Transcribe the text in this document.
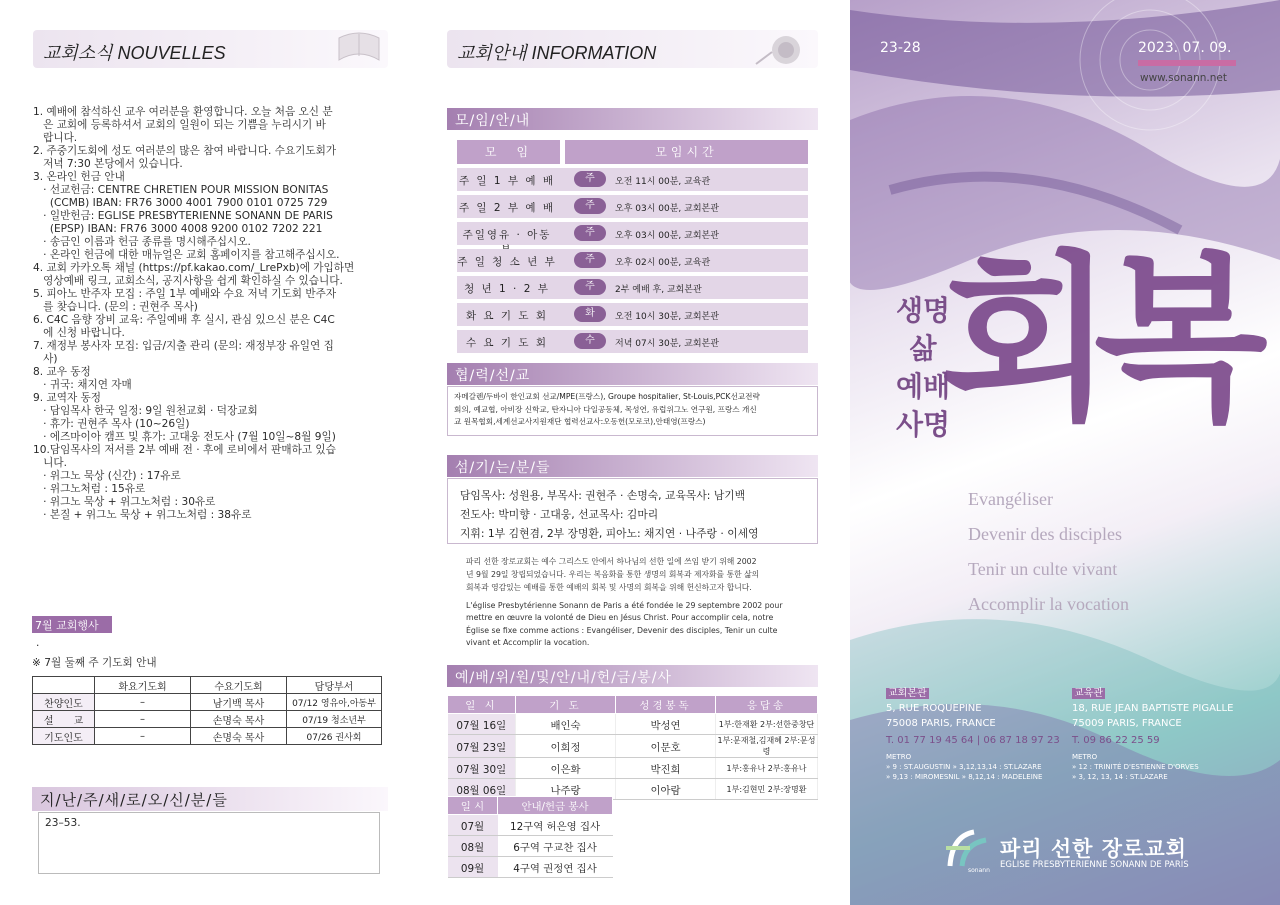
교회소식 NOUVELLES
1. 예배에 참석하신 교우 여러분을 환영합니다. 오늘 처음 오신 분
은 교회에 등록하셔서 교회의 일원이 되는 기쁨을 누리시기 바
랍니다.
2. 주중기도회에 성도 여러분의 많은 참여 바랍니다. 수요기도회가
저녁 7:30 본당에서 있습니다.
3. 온라인 헌금 안내
· 선교헌금: CENTRE CHRETIEN POUR MISSION BONITAS
(CCMB) IBAN: FR76 3000 4001 7900 0101 0725 729
· 일반헌금: EGLISE PRESBYTERIENNE SONANN DE PARIS
(EPSP) IBAN: FR76 3000 4008 9200 0102 7202 221
· 송금인 이름과 헌금 종류를 명시해주십시오.
· 온라인 헌금에 대한 매뉴얼은 교회 홈페이지를 참고해주십시오.
4. 교회 카카오톡 채널 (https://pf.kakao.com/_LrePxb)에 가입하면
영상예배 링크, 교회소식, 공지사항을 쉽게 확인하실 수 있습니다.
5. 피아노 반주자 모집 : 주일 1부 예배와 수요 저녁 기도회 반주자
를 찾습니다. (문의 : 권현주 목사)
6. C4C 음향 장비 교육: 주일예배 후 실시, 관심 있으신 분은 C4C
에 신청 바랍니다.
7. 재정부 봉사자 모집: 입금/지출 관리 (문의: 재정부장 유일연 집
사)
8. 교우 동정
· 귀국: 채지연 자매
9. 교역자 동정
· 담임목사 한국 일정: 9일 원천교회 · 덕장교회
· 휴가: 권현주 목사 (10~26일)
· 에즈마이아 캠프 및 휴가: 고대웅 전도사 (7월 10일~8월 9일)
10.담임목사의 저서를 2부 예배 전 · 후에 로비에서 판매하고 있습
니다.
· 위그노 묵상 (신간) : 17유로
· 위그노처럼 : 15유로
· 위그노 묵상 + 위그노처럼 : 30유로
· 본질 + 위그노 묵상 + 위그노처럼 : 38유로
7월 교회행사
·
※ 7월 둘째 주 기도회 안내
	화요기도회	수요기도회	담당부서
찬양인도	–	남기백 목사	07/12 영유아,아동부
설　　교	–	손명숙 목사	07/19 청소년부
기도인도	–	손명숙 목사	07/26 권사회
지/난/주/새/로/오/신/분/들
23–53.
교회안내 INFORMATION
모/임/안/내
모　임	모임시간
주 일 1 부 예 배	주	오전 11시 00분, 교육관
주 일 2 부 예 배	주	오후 03시 00분, 교회본관
주일영유 · 아동	주	오후 03시 00분, 교회본관
주 일 청 소 년 부	주	오후 02시 00분, 교육관
청 년 1 · 2 부	주	2부 예배 후, 교회본관
화 요 기 도 회	화	오전 10시 30분, 교회본관
수 요 기 도 회	수	저녁 07시 30분, 교회본관
협/력/선/교
자메갈렌/두바이 한인교회 선교/MPE(프랑스), Groupe hospitalier, St-Louis,PCK선교전략
회의, 예교협, 아비장 신학교, 탄자니아 다일공동체, 목성연, 유럽위그노 연구원, 프랑스 개신
교 원목협회,세계선교사지원재단 협력선교사:오동헌(모로코),안태영(프랑스)
섬/기/는/분/들
담임목사: 성원용, 부목사: 권현주 · 손명숙, 교육목사: 남기백
전도사: 박미향 · 고대웅, 선교목사: 김마리
지휘: 1부 김현겸, 2부 장명환, 피아노: 채지연 · 나주랑 · 이세영
파리 선한 장로교회는 예수 그리스도 안에서 하나님의 선한 일에 쓰임 받기 위해 2002
년 9월 29일 창립되었습니다. 우리는 복음화를 통한 생명의 회복과 제자화를 통한 삶의
회복과 영감있는 예배를 통한 예배의 회복 및 사명의 회복을 위해 헌신하고자 합니다.
L'église Presbytérienne Sonann de Paris a été fondée le 29 septembre 2002 pour
mettre en œuvre la volonté de Dieu en Jésus Christ. Pour accomplir cela, notre
Église se fixe comme actions : Evangéliser, Devenir des disciples, Tenir un culte
vivant et Accomplir la vocation.
예/배/위/원/및/안/내/헌/금/봉/사
일 시	기 도	성경봉독	응답송
07월 16일	배인숙	박성연	1부:한재환 2부:선한중창단
07월 23일	이희정	이문호	1부:문재철,김재혜 2부:문성령
07월 30일	이은화	박진희	1부:홍유나 2부:홍유나
08월 06일	나주랑	이아람	1부:김현민 2부:장명환
일 시	안내/헌금 봉사
07월	12구역 허은영 집사
08월	6구역 구교찬 집사
09월	4구역 권정연 집사
23-28	2023. 07. 09.
www.sonann.net
생명
삶
예배
사명
회복
Evangéliser
Devenir des disciples
Tenir un culte vivant
Accomplir la vocation
교회본관
5, RUE ROQUEPINE
75008 PARIS, FRANCE
T. 01 77 19 45 64 | 06 87 18 97 23
METRO
» 9 : ST.AUGUSTIN » 3,12,13,14 : ST.LAZARE
» 9,13 : MIROMESNIL » 8,12,14 : MADELEINE
교육관
18, RUE JEAN BAPTISTE PIGALLE
75009 PARIS, FRANCE
T. 09 86 22 25 59
METRO
» 12 : TRINITÉ D'ESTIENNE D'ORVES
» 3, 12, 13, 14 : ST.LAZARE
sonann
파리 선한 장로교회
EGLISE PRESBYTERIENNE SONANN DE PARIS
